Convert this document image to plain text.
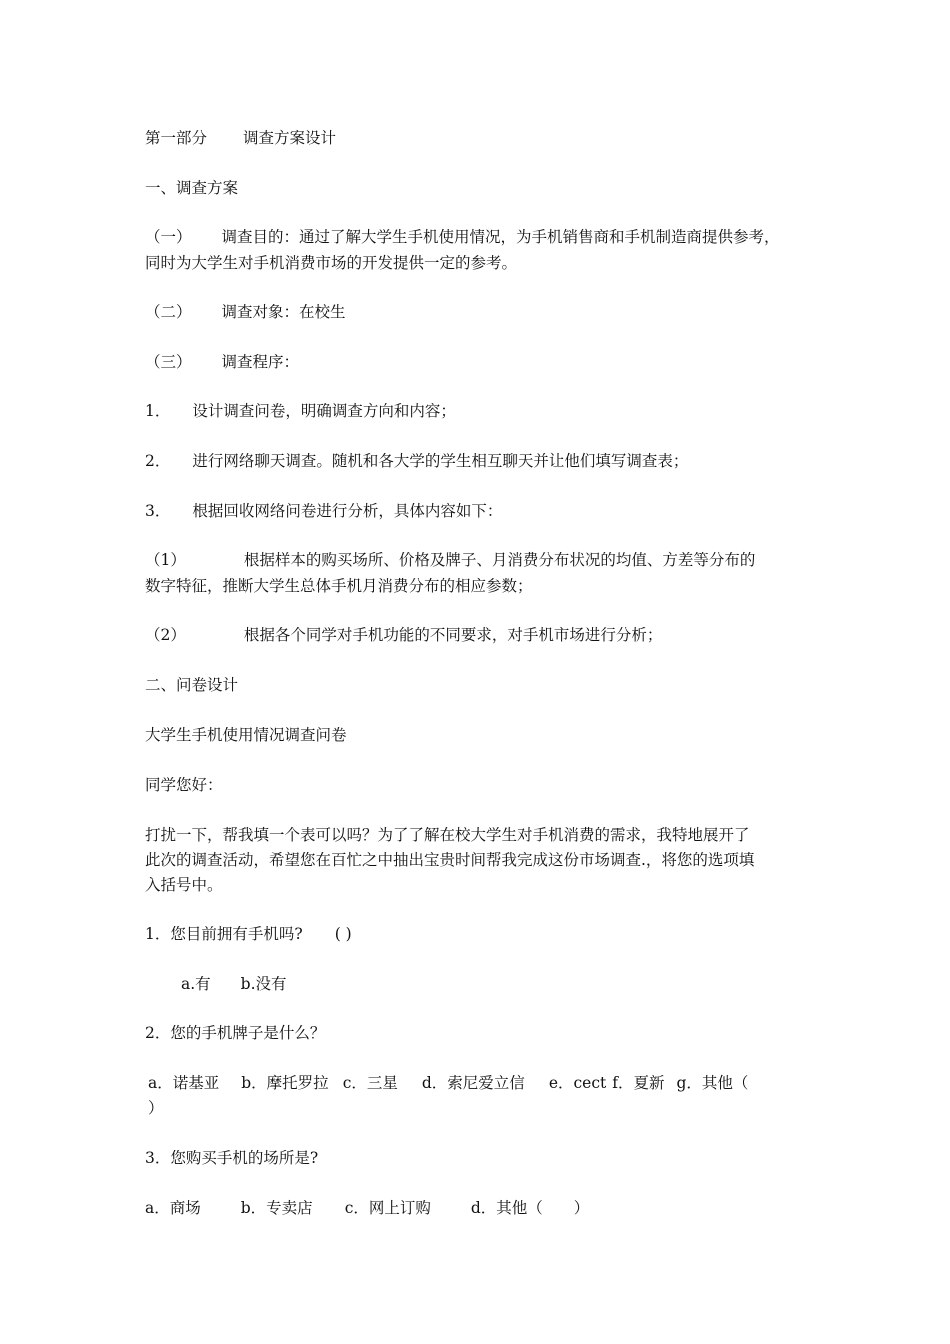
第一部分 调查方案设计
一、调查方案
（一） 调查目的：通过了解大学生手机使用情况，为手机销售商和手机制造商提供参考，
同时为大学生对手机消费市场的开发提供一定的参考。
（二） 调查对象：在校生
（三） 调查程序：
1． 设计调查问卷，明确调查方向和内容；
2． 进行网络聊天调查。随机和各大学的学生相互聊天并让他们填写调查表；
3． 根据回收网络问卷进行分析，具体内容如下：
（1）	根据样本的购买场所、价格及牌子、月消费分布状况的均值、方差等分布的
数字特征，推断大学生总体手机月消费分布的相应参数；
（2）	根据各个同学对手机功能的不同要求，对手机市场进行分析；
二、问卷设计
大学生手机使用情况调查问卷
同学您好：
打扰一下，帮我填一个表可以吗？为了了解在校大学生对手机消费的需求，我特地展开了
此次的调查活动，希望您在百忙之中抽出宝贵时间帮我完成这份市场调查.，将您的选项填
入括号中。
1．您目前拥有手机吗? ( )
a.有 b.没有
2．您的手机牌子是什么？
a．诺基亚 b．摩托罗拉 c．三星 d．索尼爱立信 e．cect f．夏新 g．其他（
）
3．您购买手机的场所是?
a．商场	b．专卖店 c．网上订购	d．其他（　　）
